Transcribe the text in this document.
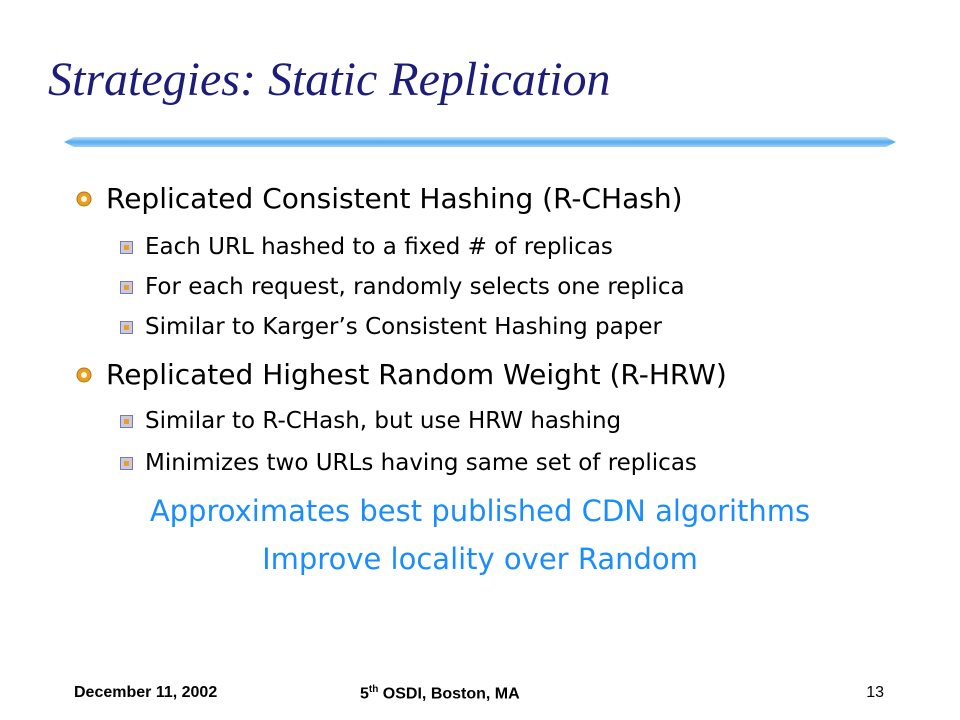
Strategies: Static Replication
Replicated Consistent Hashing (R-CHash)
Each URL hashed to a fixed # of replicas
For each request, randomly selects one replica
Similar to Karger’s Consistent Hashing paper
Replicated Highest Random Weight (R-HRW)
Similar to R-CHash, but use HRW hashing
Minimizes two URLs having same set of replicas
Approximates best published CDN algorithms
Improve locality over Random
December 11, 2002	5th OSDI, Boston, MA	13
